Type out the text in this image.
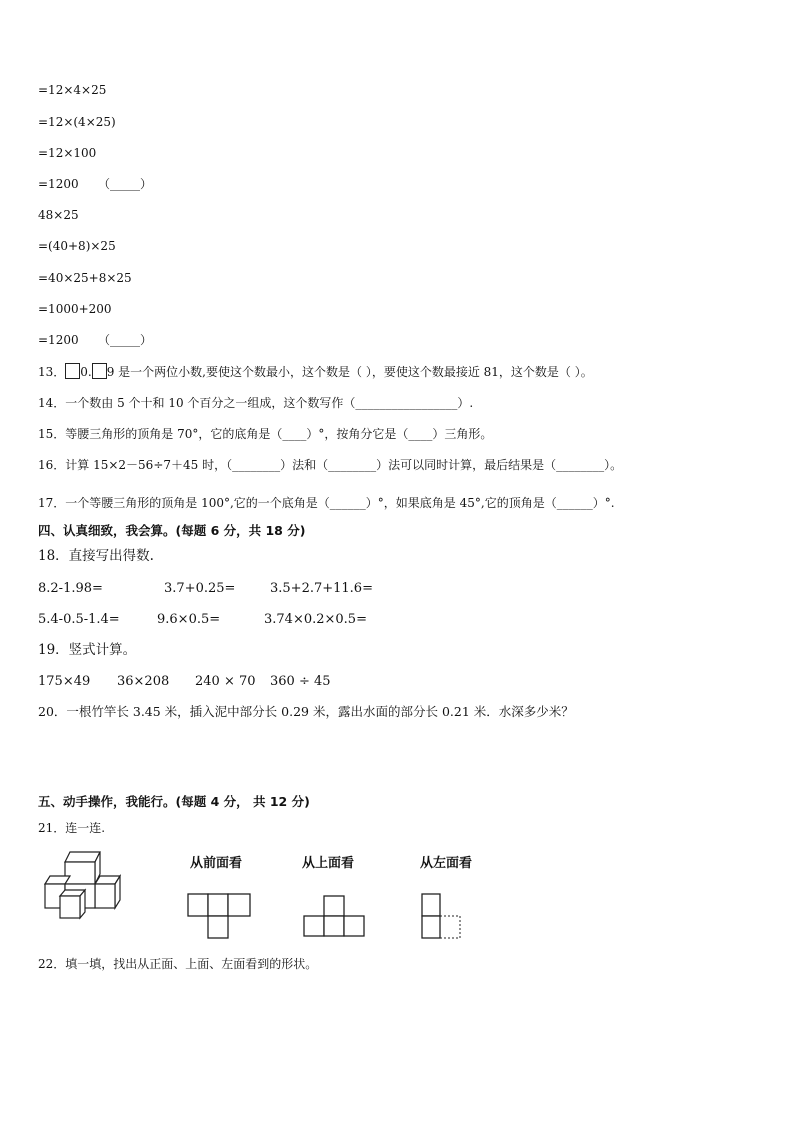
=12×4×25
=12×(4×25)
=12×100
=1200 （_____）
48×25
=(40+8)×25
=40×25+8×25
=1000+200
=1200 （_____）
13． 0. 9 是一个两位小数,要使这个数最小，这个数是（ ），要使这个数最接近 81，这个数是（ ）。
14．一个数由 5 个十和 10 个百分之一组成，这个数写作（_________________）.
15．等腰三角形的顶角是 70°，它的底角是（____）°，按角分它是（____）三角形。
16．计算 15×2－56÷7＋45 时，（________）法和（________）法可以同时计算，最后结果是（________）。
17．一个等腰三角形的顶角是 100°,它的一个底角是（______）°，如果底角是 45°,它的顶角是（______）°.
四、认真细致，我会算。(每题 6 分，共 18 分)
18．直接写出得数.
8.2-1.98=	3.7+0.25=	3.5+2.7+11.6=
5.4-0.5-1.4=	9.6×0.5=	3.74×0.2×0.5=
19．竖式计算。
175×49 36×208 240 × 70 360 ÷ 45
20．一根竹竿长 3.45 米，插入泥中部分长 0.29 米，露出水面的部分长 0.21 米．水深多少米？
五、动手操作，我能行。(每题 4 分， 共 12 分)
21．连一连.
从前面看	从上面看	从左面看
22．填一填，找出从正面、上面、左面看到的形状。
